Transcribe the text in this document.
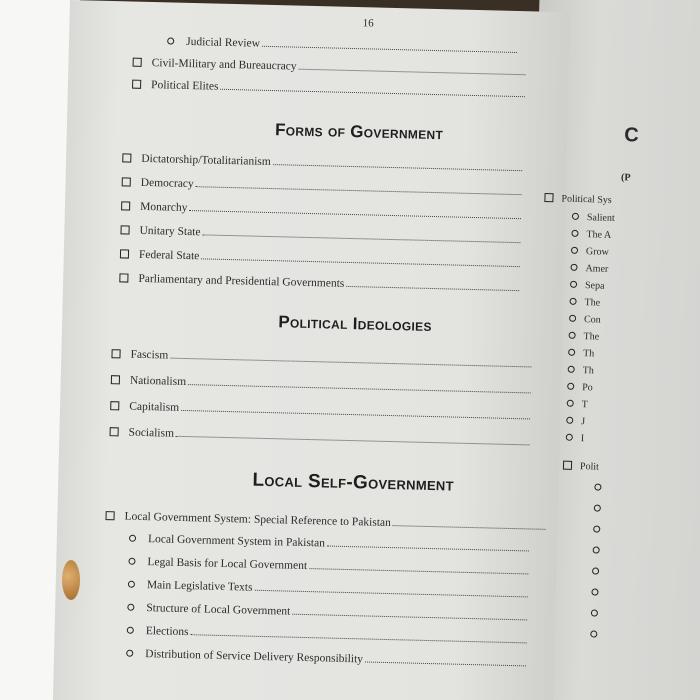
16
Judicial Review
Civil-Military and Bureaucracy
Political Elites
Forms of Government
Dictatorship/Totalitarianism
Democracy
Monarchy
Unitary State
Federal State
Parliamentary and Presidential Governments
Political Ideologies
Fascism
Nationalism
Capitalism
Socialism
Local Self-Government
Local Government System: Special Reference to Pakistan
Local Government System in Pakistan
Legal Basis for Local Government
Main Legislative Texts
Structure of Local Government
Elections
Distribution of Service Delivery Responsibility
C
(P
Political Sys
Salient
The A
Grow
Amer
Sepa
The
Con
The
Th
Th
Po
T
J
I
Polit
